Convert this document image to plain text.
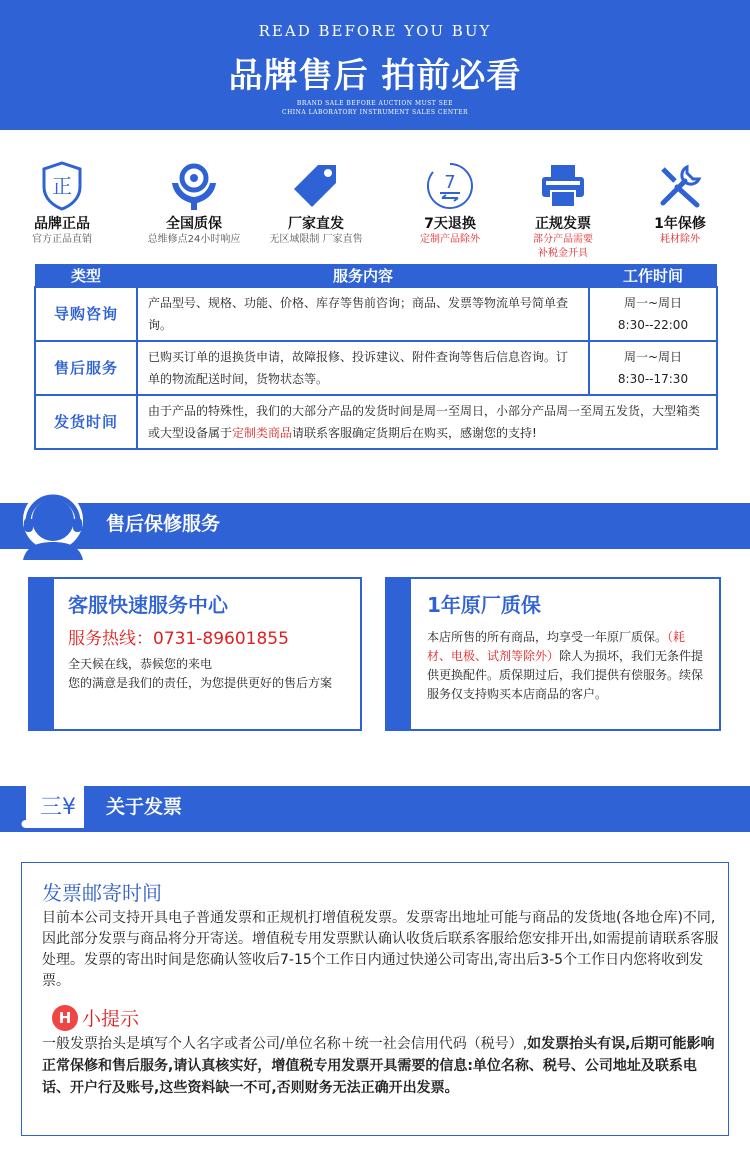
READ BEFORE YOU BUY
品牌售后 拍前必看
BRAND SALE BEFORE AUCTION MUST SEE
CHINA LABORATORY INSTRUMENT SALES CENTER
正
品牌正品
官方正品直销
全国质保
总维修点24小时响应
厂家直发
无区域限制 厂家直售
7
7天退换
定制产品除外
正规发票
部分产品需要
补税金开具
1年保修
耗材除外
类型	服务内容	工作时间
导购咨询	产品型号、规格、功能、价格、库存等售前咨询；商品、发票等物流单号简单查询。	周一~周日
8:30--22:00

售后服务	已购买订单的退换货申请，故障报修、投诉建议、附件查询等售后信息咨询。订单的物流配送时间，货物状态等。	周一~周日
8:30--17:30

发货时间	由于产品的特殊性，我们的大部分产品的发货时间是周一至周日，小部分产品周一至周五发货，大型箱类或大型设备属于定制类商品请联系客服确定货期后在购买，感谢您的支持!	
售后保修服务
客服快速服务中心
服务热线：0731-89601855
全天候在线，恭候您的来电
您的满意是我们的责任，为您提供更好的售后方案
1年原厂质保
本店所售的所有商品，均享受一年原厂质保。（耗材、电极、试剂等除外）除人为损坏，我们无条件提供更换配件。质保期过后，我们提供有偿服务。续保服务仅支持购买本店商品的客户。
关于发票
三¥
发票邮寄时间
目前本公司支持开具电子普通发票和正规机打增值税发票。发票寄出地址可能与商品的发货地(各地仓库)不同,因此部分发票与商品将分开寄送。增值税专用发票默认确认收货后联系客服给您安排开出,如需提前请联系客服处理。发票的寄出时间是您确认签收后7-15个工作日内通过快递公司寄出,寄出后3-5个工作日内您将收到发票。
H 小提示
一般发票抬头是填写个人名字或者公司/单位名称＋统一社会信用代码（税号）,如发票抬头有误,后期可能影响正常保修和售后服务,请认真核实好，增值税专用发票开具需要的信息:单位名称、税号、公司地址及联系电话、开户行及账号,这些资料缺一不可,否则财务无法正确开出发票。
